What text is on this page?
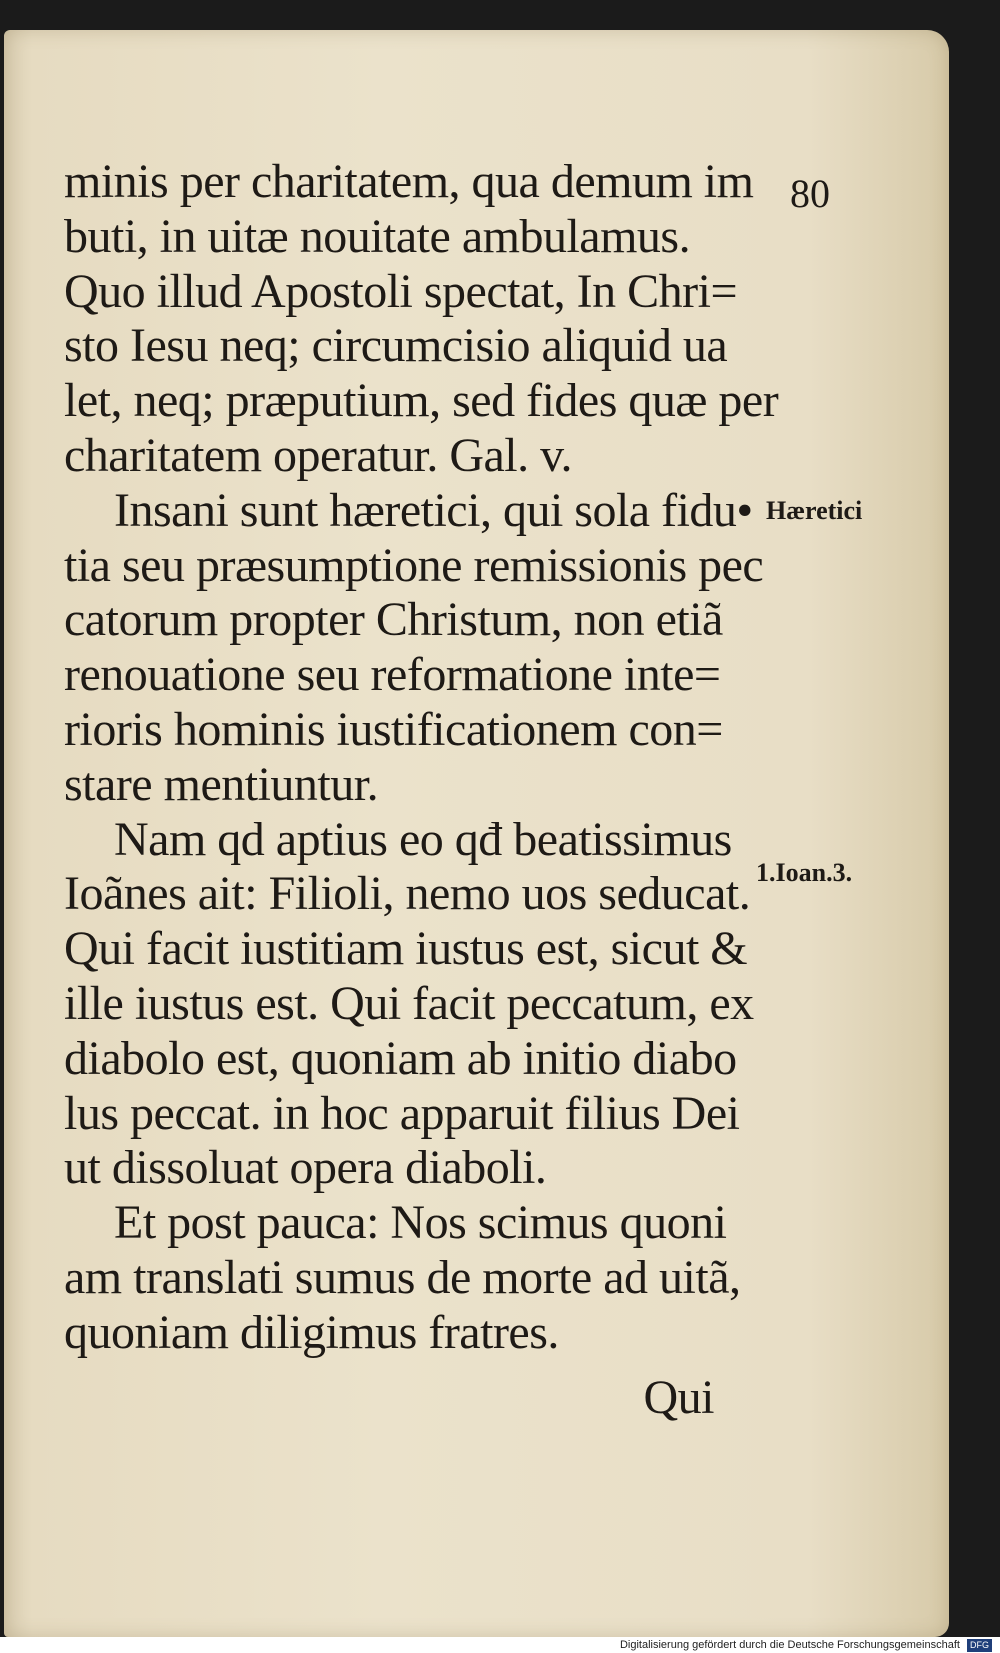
80
Hæretici
1.Ioan.3.
minis per charitatem, qua demum im
buti, in uitæ nouitate ambulamus.
Quo illud Apostoli spectat, In Chri=
sto Iesu neq; circumcisio aliquid ua
let, neq; præputium, sed fides quæ per
charitatem operatur. Gal. v.
Insani sunt hæretici, qui sola fidu•
tia seu præsumptione remissionis pec
catorum propter Christum, non etiã
renouatione seu reformatione inte=
rioris hominis iustificationem con=
stare mentiuntur.
Nam qd aptius eo qđ beatissimus
Ioãnes ait: Filioli, nemo uos seducat.
Qui facit iustitiam iustus est, sicut &
ille iustus est. Qui facit peccatum, ex
diabolo est, quoniam ab initio diabo
lus peccat. in hoc apparuit filius Dei
ut dissoluat opera diaboli.
Et post pauca: Nos scimus quoni
am translati sumus de morte ad uitã,
quoniam diligimus fratres.
Qui
Digitalisierung gefördert durch die Deutsche Forschungsgemeinschaft DFG
